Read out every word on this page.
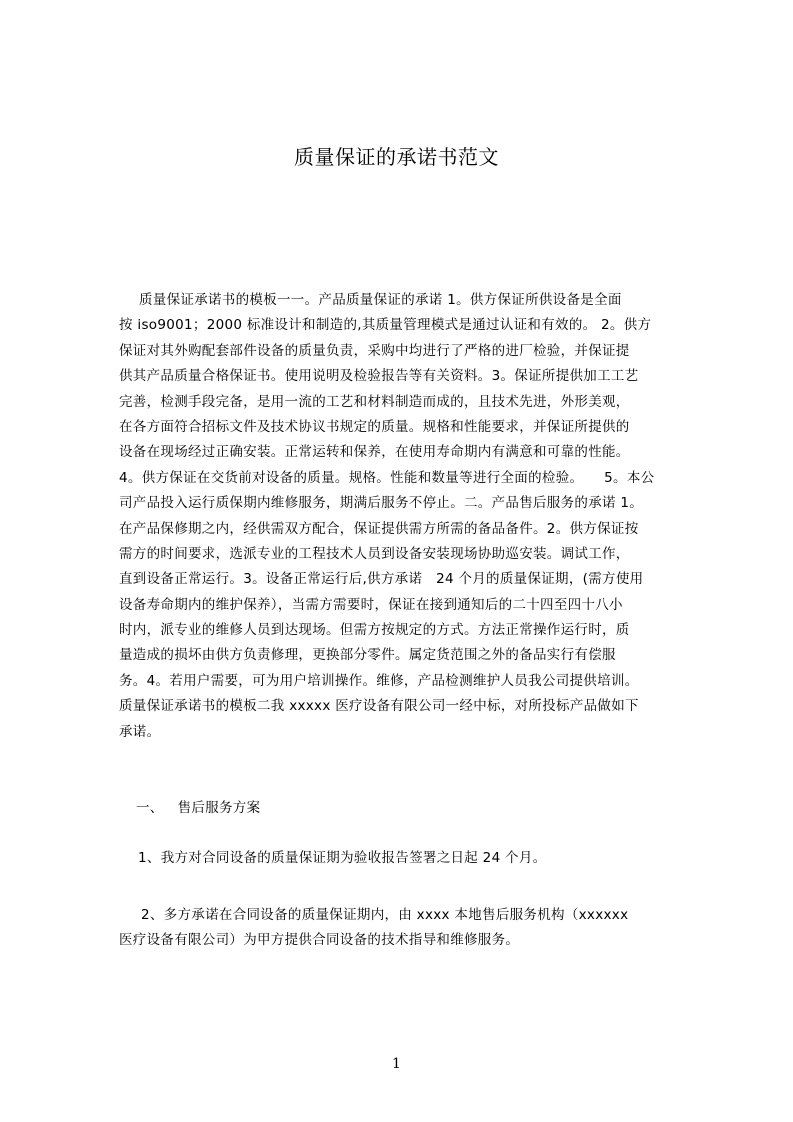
质量保证的承诺书范文
质量保证承诺书的模板一一。产品质量保证的承诺 1。供方保证所供设备是全面
按 iso9001；2000 标准设计和制造的,其质量管理模式是通过认证和有效的。 2。供方
保证对其外购配套部件设备的质量负责，采购中均进行了严格的进厂检验，并保证提
供其产品质量合格保证书。使用说明及检验报告等有关资料。3。保证所提供加工工艺
完善，检测手段完备，是用一流的工艺和材料制造而成的，且技术先进，外形美观，
在各方面符合招标文件及技术协议书规定的质量。规格和性能要求，并保证所提供的
设备在现场经过正确安装。正常运转和保养，在使用寿命期内有满意和可靠的性能。
4。供方保证在交货前对设备的质量。规格。性能和数量等进行全面的检验。　　5。本公
司产品投入运行质保期内维修服务，期满后服务不停止。二。产品售后服务的承诺 1。
在产品保修期之内，经供需双方配合，保证提供需方所需的备品备件。2。供方保证按
需方的时间要求，选派专业的工程技术人员到设备安装现场协助巡安装。调试工作，
直到设备正常运行。3。设备正常运行后,供方承诺　24 个月的质量保证期，(需方使用
设备寿命期内的维护保养），当需方需要时，保证在接到通知后的二十四至四十八小
时内，派专业的维修人员到达现场。但需方按规定的方式。方法正常操作运行时，质
量造成的损坏由供方负责修理，更换部分零件。属定货范围之外的备品实行有偿服
务。4。若用户需要，可为用户培训操作。维修，产品检测维护人员我公司提供培训。
质量保证承诺书的模板二我 xxxxx 医疗设备有限公司一经中标，对所投标产品做如下
承诺。
一、 售后服务方案
1、我方对合同设备的质量保证期为验收报告签署之日起 24 个月。
2、多方承诺在合同设备的质量保证期内，由 xxxx 本地售后服务机构（xxxxxx
医疗设备有限公司）为甲方提供合同设备的技术指导和维修服务。
1
